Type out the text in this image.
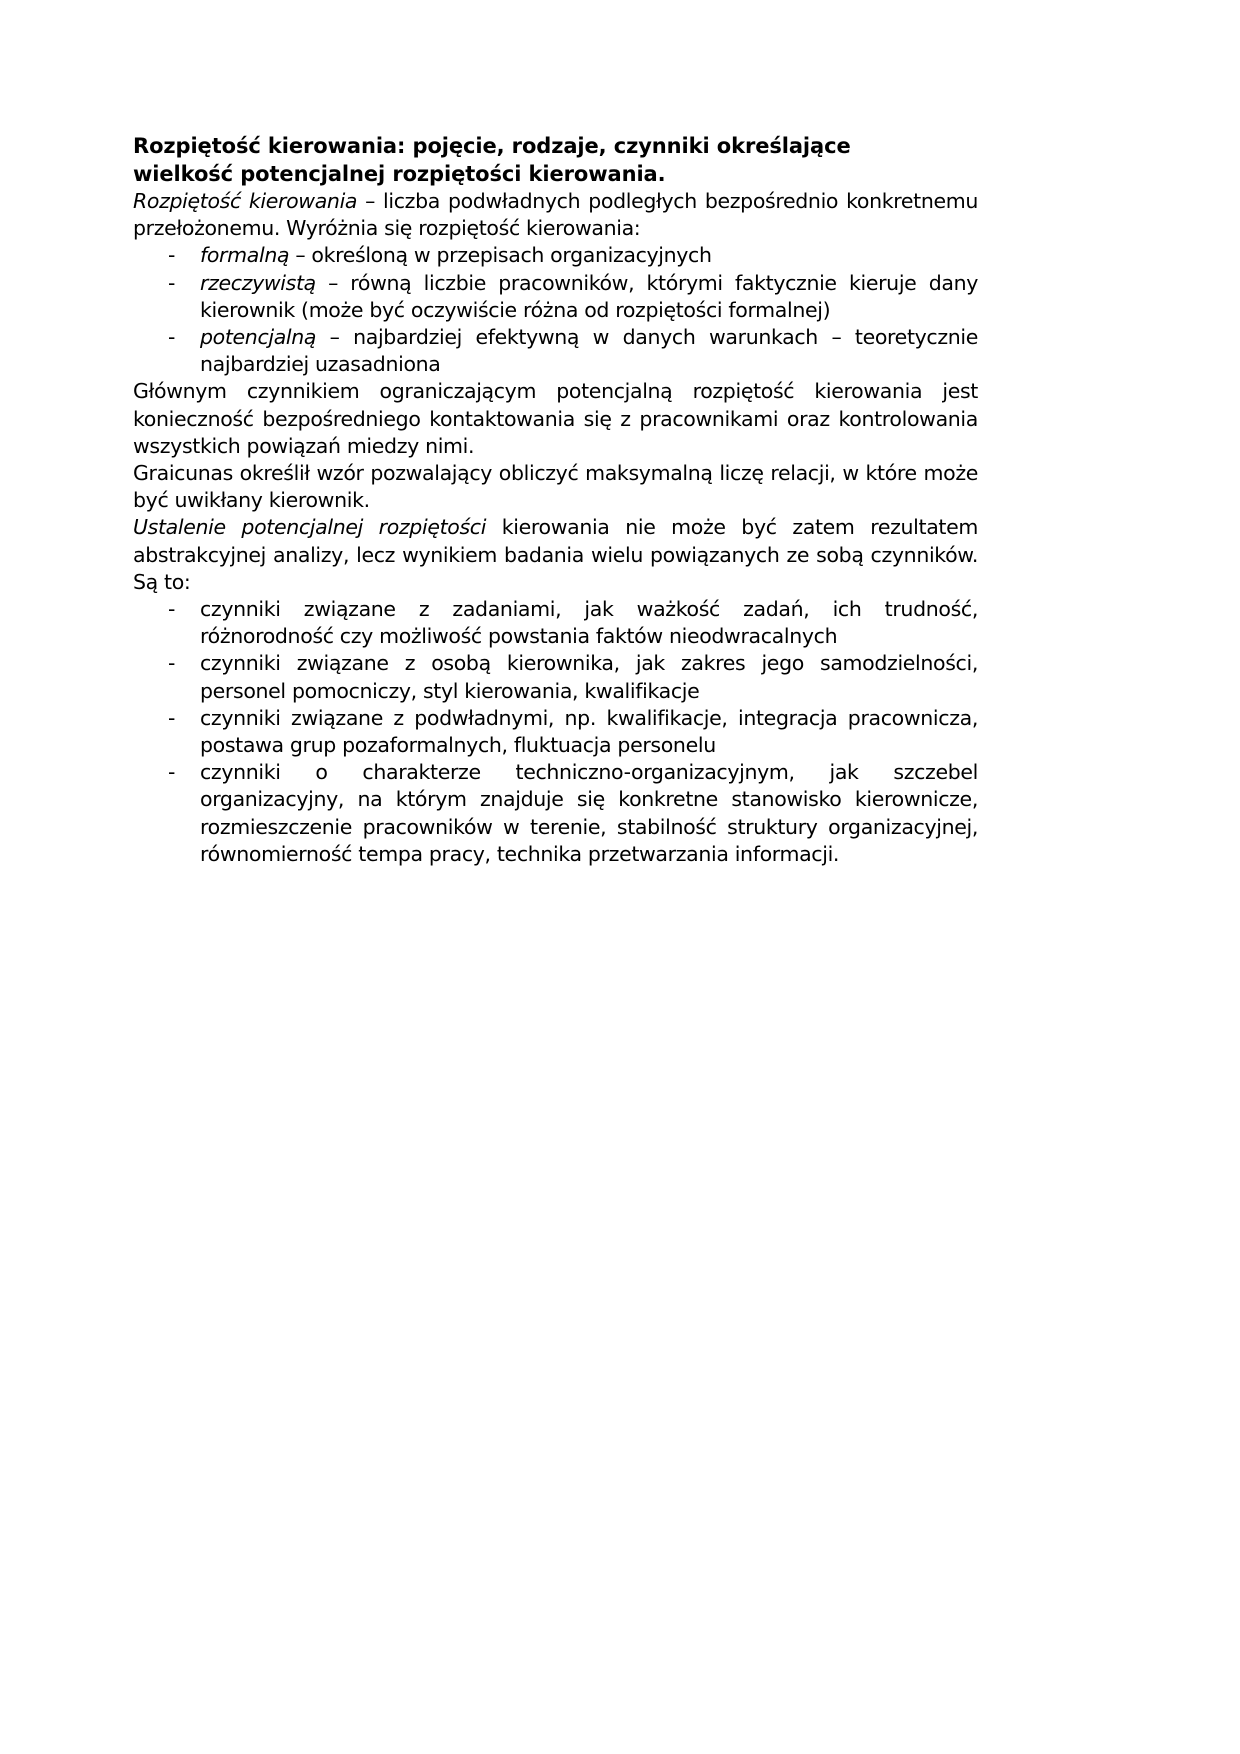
Rozpiętość kierowania: pojęcie, rodzaje, czynniki określające
wielkość potencjalnej rozpiętości kierowania.

Rozpiętość kierowania – liczba podwładnych podległych bezpośrednio konkretnemu przełożonemu. Wyróżnia się rozpiętość kierowania:

- formalną – określoną w przepisach organizacyjnych
- rzeczywistą – równą liczbie pracowników, którymi faktycznie kieruje dany kierownik (może być oczywiście różna od rozpiętości formalnej)
- potencjalną – najbardziej efektywną w danych warunkach – teoretycznie najbardziej uzasadniona

Głównym czynnikiem ograniczającym potencjalną rozpiętość kierowania jest konieczność bezpośredniego kontaktowania się z pracownikami oraz kontrolowania wszystkich powiązań miedzy nimi.

Graicunas określił wzór pozwalający obliczyć maksymalną liczę relacji, w które może być uwikłany kierownik.

Ustalenie potencjalnej rozpiętości kierowania nie może być zatem rezultatem abstrakcyjnej analizy, lecz wynikiem badania wielu powiązanych ze sobą czynników. Są to:

- czynniki związane z zadaniami, jak ważkość zadań, ich trudność, różnorodność czy możliwość powstania faktów nieodwracalnych
- czynniki związane z osobą kierownika, jak zakres jego samodzielności, personel pomocniczy, styl kierowania, kwalifikacje
- czynniki związane z podwładnymi, np. kwalifikacje, integracja pracownicza, postawa grup pozaformalnych, fluktuacja personelu
- czynniki o charakterze techniczno-organizacyjnym, jak szczebel organizacyjny, na którym znajduje się konkretne stanowisko kierownicze, rozmieszczenie pracowników w terenie, stabilność struktury organizacyjnej, równomierność tempa pracy, technika przetwarzania informacji.
